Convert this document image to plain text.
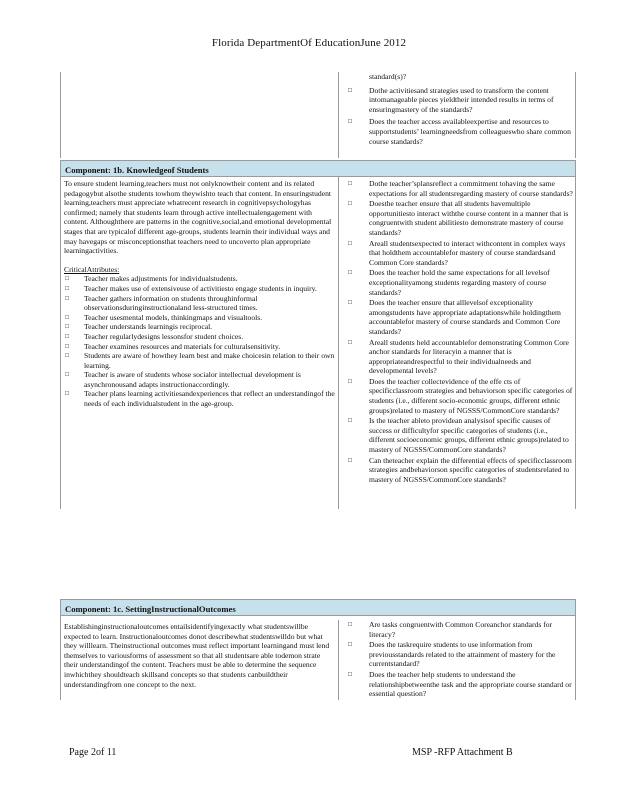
Florida DepartmentOf EducationJune 2012

standard(s)?

□ Dothe activitiesand strategies used to transform the content intomanageable pieces yieldtheir intended results in terms of ensuringmastery of the standards?
□ Does the teacher access availableexpertise and resources to supportstudents’ learningneedsfrom colleagueswho share common course standards?
Component: 1b. Knowledgeof Students

To ensure student learning,teachers must not onlyknowtheir content and its related pedagogybut alsothe students towhom theywishto teach that content. In ensuringstudent learning,teachers must appreciate whatrecent research in cognitivepsychologyhas confirmed; namely that students learn through active intellectualengagement with content. Althoughthere are patterns in the cognitive,social,and emotional developmental stages that are typicalof different age-groups, students learnin their individual ways and may havegaps or misconceptionsthat teachers need to uncoverto plan appropriate learningactivities.

CriticalAttributes:

□ Teacher makes adjustments for individualstudents.
□ Teacher makes use of extensiveuse of activitiesto engage students in inquiry.
□ Teacher gathers information on students throughinformal observationsduringinstructionaland less-structured times.
□ Teacher usesmental models, thinkingmaps and visualtools.
□ Teacher understands learningis reciprocal.
□ Teacher regularlydesigns lessonsfor student choices.
□ Teacher examines resources and materials for culturalsensitivity.
□ Students are aware of howthey learn best and make choicesin relation to their own learning.
□ Teacher is aware of students whose socialor intellectual development is asynchronousand adapts instructionaccordingly.
□ Teacher plans learning activitiesandexperiences that reflect an understandingof the needs of each individualstudent in the age-group.
□ Dothe teacher’splansreflect a commitment tohaving the same expectations for all studentsregarding mastery of course standards?
□ Doesthe teacher ensure that all students havemultiple opportunitiesto interact withthe course content in a manner that is congruentwith student abilitiesto demonstrate mastery of course standards?
□ Areall studentsexpected to interact withcontent in complex ways that holdthem accountablefor mastery of course standardsand Common Core standards?
□ Does the teacher hold the same expectations for all levelsof exceptionalityamong students regarding mastery of course standards?
□ Does the teacher ensure that alllevelsof exceptionality amongstudents have appropriate adaptationswhile holdingthem accountablefor mastery of course standards and Common Core standards?
□ Areall students held accountablefor demonstrating Common Core anchor standards for literacyin a manner that is appropriateandrespectful to their individualneeds and developmental levels?
□ Does the teacher collectevidence of the effe cts of specificclassroom strategies and behaviorson specific categories of students (i.e., different socio-economic groups, different ethnic groups)related to mastery of NGSSS/CommonCore standards?
□ Is the teacher ableto providean analysisof specific causes of success or difficultyfor specific categories of students (i.e., different socioeconomic groups, different ethnic groups)related to mastery of NGSSS/CommonCore standards?
□ Can theteacher explain the differential effects of specificclassroom strategies andbehaviorson specific categories of studentsrelated to mastery of NGSSS/CommonCore standards?
Component: 1c. SettingInstructionalOutcomes

Establishinginstructionaloutcomes entailsidentifyingexactly what studentswillbe expected to learn. Instructionaloutcomes donot describewhat studentswilldo but what they willlearn. Theinstructional outcomes must reflect important learningand must lend themselves to variousforms of assessment so that all studentsare able todemon strate their understandingof the content. Teachers must be able to determine the sequence inwhichthey shouldteach skillsand concepts so that students canbuildtheir understandingfrom one concept to the next.

□ Are tasks congruentwith Common Coreanchor standards for literacy?
□ Does the taskrequire students to use information from previousstandards related to the attainment of mastery for the currentstandard?
□ Does the teacher help students to understand the relationshipbetweenthe task and the appropriate course standard or essential question?
Page 2of 11	MSP -RFP Attachment B
